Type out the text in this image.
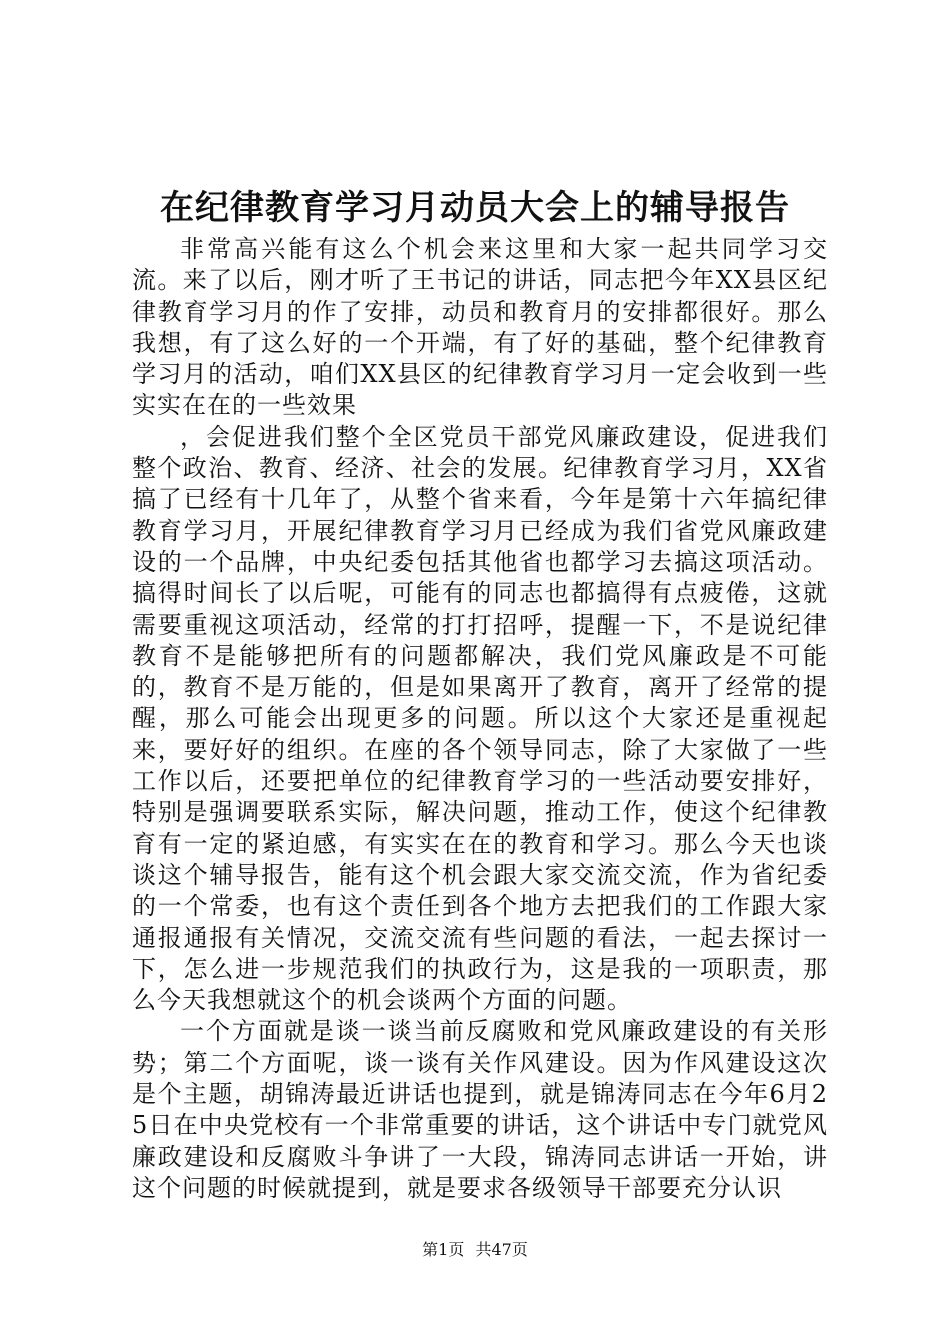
在纪律教育学习月动员大会上的辅导报告

非常高兴能有这么个机会来这里和大家一起共同学习交流。来了以后，刚才听了王书记的讲话，同志把今年XX县区纪律教育学习月的作了安排，动员和教育月的安排都很好。那么我想，有了这么好的一个开端，有了好的基础，整个纪律教育学习月的活动，咱们XX县区的纪律教育学习月一定会收到一些实实在在的一些效果

，会促进我们整个全区党员干部党风廉政建设，促进我们整个政治、教育、经济、社会的发展。纪律教育学习月，XX省搞了已经有十几年了，从整个省来看，今年是第十六年搞纪律教育学习月，开展纪律教育学习月已经成为我们省党风廉政建设的一个品牌，中央纪委包括其他省也都学习去搞这项活动。搞得时间长了以后呢，可能有的同志也都搞得有点疲倦，这就需要重视这项活动，经常的打打招呼，提醒一下，不是说纪律教育不是能够把所有的问题都解决，我们党风廉政是不可能的，教育不是万能的，但是如果离开了教育，离开了经常的提醒，那么可能会出现更多的问题。所以这个大家还是重视起来，要好好的组织。在座的各个领导同志，除了大家做了一些工作以后，还要把单位的纪律教育学习的一些活动要安排好，特别是强调要联系实际，解决问题，推动工作，使这个纪律教育有一定的紧迫感，有实实在在的教育和学习。那么今天也谈谈这个辅导报告，能有这个机会跟大家交流交流，作为省纪委的一个常委，也有这个责任到各个地方去把我们的工作跟大家通报通报有关情况，交流交流有些问题的看法，一起去探讨一下，怎么进一步规范我们的执政行为，这是我的一项职责，那么今天我想就这个的机会谈两个方面的问题。

一个方面就是谈一谈当前反腐败和党风廉政建设的有关形势；第二个方面呢，谈一谈有关作风建设。因为作风建设这次是个主题，胡锦涛最近讲话也提到，就是锦涛同志在今年6月25日在中央党校有一个非常重要的讲话，这个讲话中专门就党风廉政建设和反腐败斗争讲了一大段，锦涛同志讲话一开始，讲这个问题的时候就提到，就是要求各级领导干部要充分认识

第1页 共47页
